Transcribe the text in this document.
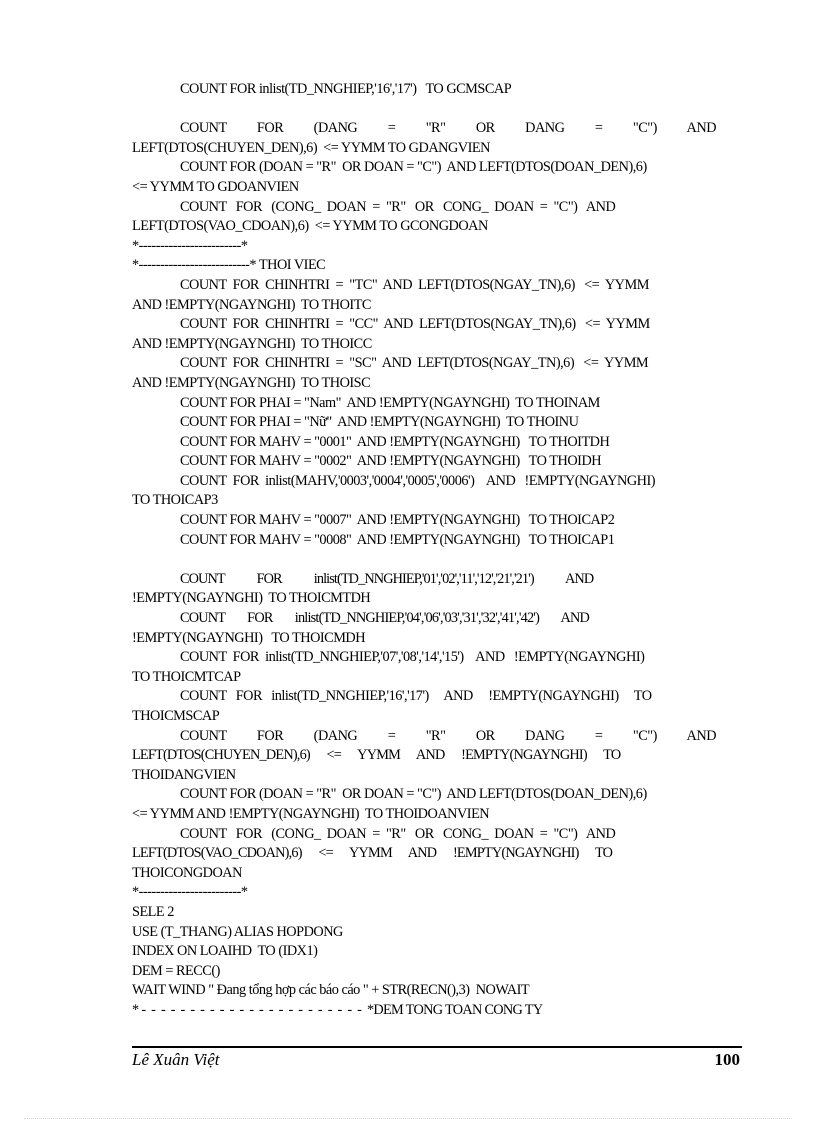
COUNT FOR inlist(TD_NNGHIEP,'16','17')   TO GCMSCAP
COUNT      FOR      (DANG      =      "R"      OR      DANG      =      "C")      AND
LEFT(DTOS(CHUYEN_DEN),6)  <= YYMM TO GDANGVIEN
COUNT FOR (DOAN = "R"  OR DOAN = "C")  AND LEFT(DTOS(DOAN_DEN),6)
<= YYMM TO GDOANVIEN
COUNT   FOR   (CONG_  DOAN  =  "R"   OR   CONG_  DOAN  =  "C")   AND
LEFT(DTOS(VAO_CDOAN),6)  <= YYMM TO GCONGDOAN
*------------------------*
*--------------------------* THOI VIEC
COUNT  FOR  CHINHTRI  =  "TC"  AND  LEFT(DTOS(NGAY_TN),6)   <=  YYMM
AND !EMPTY(NGAYNGHI)  TO THOITC
COUNT  FOR  CHINHTRI  =  "CC"  AND  LEFT(DTOS(NGAY_TN),6)   <=  YYMM
AND !EMPTY(NGAYNGHI)  TO THOICC
COUNT  FOR  CHINHTRI  =  "SC"  AND  LEFT(DTOS(NGAY_TN),6)   <=  YYMM
AND !EMPTY(NGAYNGHI)  TO THOISC
COUNT FOR PHAI = "Nam"  AND !EMPTY(NGAYNGHI)  TO THOINAM
COUNT FOR PHAI = "Nữ"  AND !EMPTY(NGAYNGHI)  TO THOINU
COUNT FOR MAHV = "0001"  AND !EMPTY(NGAYNGHI)   TO THOITDH
COUNT FOR MAHV = "0002"  AND !EMPTY(NGAYNGHI)   TO THOIDH
COUNT  FOR  inlist(MAHV,'0003','0004','0005','0006')    AND   !EMPTY(NGAYNGHI)
TO THOICAP3
COUNT FOR MAHV = "0007"  AND !EMPTY(NGAYNGHI)   TO THOICAP2
COUNT FOR MAHV = "0008"  AND !EMPTY(NGAYNGHI)   TO THOICAP1
COUNT            FOR            inlist(TD_NNGHIEP,'01','02','11','12','21','21')            AND
!EMPTY(NGAYNGHI)  TO THOICMTDH
COUNT        FOR        inlist(TD_NNGHIEP,'04','06','03','31','32','41','42')        AND
!EMPTY(NGAYNGHI)   TO THOICMDH
COUNT  FOR  inlist(TD_NNGHIEP,'07','08','14','15')    AND   !EMPTY(NGAYNGHI)
TO THOICMTCAP
COUNT   FOR   inlist(TD_NNGHIEP,'16','17')     AND     !EMPTY(NGAYNGHI)     TO
THOICMSCAP
COUNT      FOR      (DANG      =      "R"      OR      DANG      =      "C")      AND
LEFT(DTOS(CHUYEN_DEN),6)      <=      YYMM      AND      !EMPTY(NGAYNGHI)      TO
THOIDANGVIEN
COUNT FOR (DOAN = "R"  OR DOAN = "C")  AND LEFT(DTOS(DOAN_DEN),6)
<= YYMM AND !EMPTY(NGAYNGHI)  TO THOIDOANVIEN
COUNT   FOR   (CONG_  DOAN  =  "R"   OR   CONG_  DOAN  =  "C")   AND
LEFT(DTOS(VAO_CDOAN),6)      <=      YYMM      AND      !EMPTY(NGAYNGHI)      TO
THOICONGDOAN
*------------------------*
SELE 2
USE (T_THANG) ALIAS HOPDONG
INDEX ON LOAIHD  TO (IDX1)
DEM = RECC()
WAIT WIND " Đang tổng hợp các báo cáo " + STR(RECN(),3)  NOWAIT
* -  -  -  -  -  -  -  -  -  -  -  -  -  -  -  -  -  -  -  -  -  -  -  *DEM TONG TOAN CONG TY
Lê Xuân Việt	100
